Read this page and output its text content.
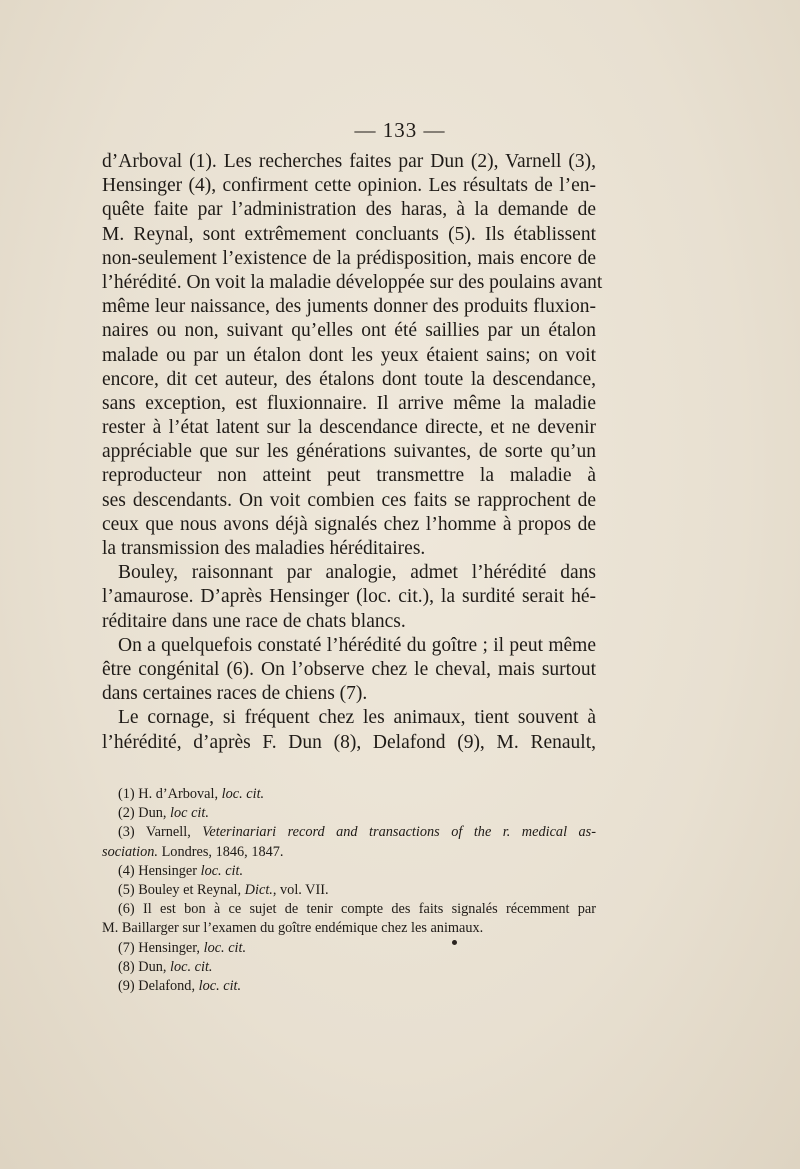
— 133 —
d’Arboval (1). Les recherches faites par Dun (2), Varnell (3),
Hensinger (4), confirment cette opinion. Les résultats de l’en-
quête faite par l’administration des haras, à la demande de
M. Reynal, sont extrêmement concluants (5). Ils établissent
non-seulement l’existence de la prédisposition, mais encore de
l’hérédité. On voit la maladie développée sur des poulains avant
même leur naissance, des juments donner des produits fluxion-
naires ou non, suivant qu’elles ont été saillies par un étalon
malade ou par un étalon dont les yeux étaient sains; on voit
encore, dit cet auteur, des étalons dont toute la descendance,
sans exception, est fluxionnaire. Il arrive même la maladie
rester à l’état latent sur la descendance directe, et ne devenir
appréciable que sur les générations suivantes, de sorte qu’un
reproducteur non atteint peut transmettre la maladie à
ses descendants. On voit combien ces faits se rapprochent de
ceux que nous avons déjà signalés chez l’homme à propos de
la transmission des maladies héréditaires.
Bouley, raisonnant par analogie, admet l’hérédité dans
l’amaurose. D’après Hensinger (loc. cit.), la surdité serait hé-
réditaire dans une race de chats blancs.
On a quelquefois constaté l’hérédité du goître ; il peut même
être congénital (6). On l’observe chez le cheval, mais surtout
dans certaines races de chiens (7).
Le cornage, si fréquent chez les animaux, tient souvent à
l’hérédité, d’après F. Dun (8), Delafond (9), M. Renault,
(1) H. d’Arboval, loc. cit.
(2) Dun, loc cit.
(3) Varnell, Veterinariari record and transactions of the r. medical as-
sociation. Londres, 1846, 1847.
(4) Hensinger loc. cit.
(5) Bouley et Reynal, Dict., vol. VII.
(6) Il est bon à ce sujet de tenir compte des faits signalés récemment par
M. Baillarger sur l’examen du goître endémique chez les animaux.
(7) Hensinger, loc. cit.
(8) Dun, loc. cit.
(9) Delafond, loc. cit.
